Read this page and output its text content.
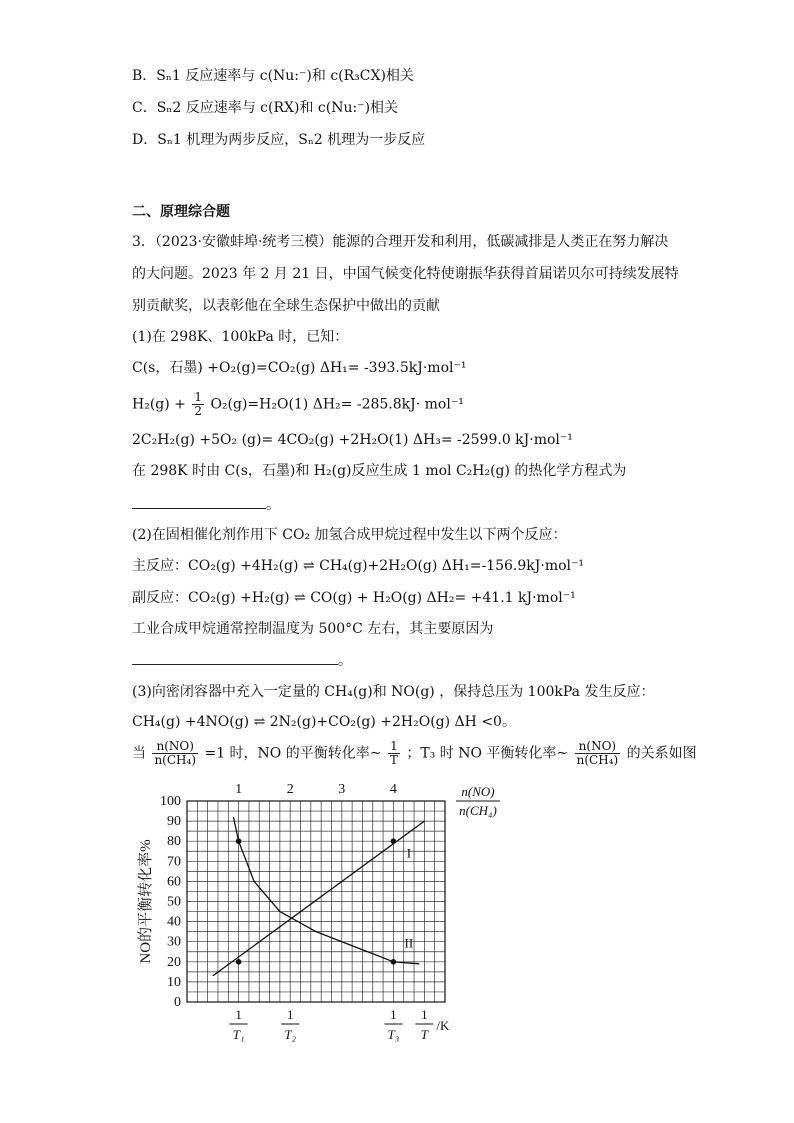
B．Sₙ1 反应速率与 c(Nu:⁻)和 c(R₃CX)相关
C．Sₙ2 反应速率与 c(RX)和 c(Nu:⁻)相关
D．Sₙ1 机理为两步反应，Sₙ2 机理为一步反应
二、原理综合题
3．（2023·安徽蚌埠·统考三模）能源的合理开发和利用，低碳减排是人类正在努力解决
的大问题。2023 年 2 月 21 日，中国气候变化特使谢振华获得首届诺贝尔可持续发展特
别贡献奖，以表彰他在全球生态保护中做出的贡献
(1)在 298K、100kPa 时，已知：
C(s，石墨) +O₂(g)=CO₂(g) ΔH₁= -393.5kJ·mol⁻¹
$H_2(g) + \frac{1}{2} O_2(g)=H_2O(1)$ ΔH₂= -285.8kJ· mol⁻¹
2C₂H₂(g) +5O₂ (g)= 4CO₂(g) +2H₂O(1) ΔH₃= -2599.0 kJ·mol⁻¹
在 298K 时由 C(s，石墨)和 H₂(g)反应生成 1 mol C₂H₂(g) 的热化学方程式为
。
(2)在固相催化剂作用下 CO₂ 加氢合成甲烷过程中发生以下两个反应：
主反应：CO₂(g) +4H₂(g) ⇌ CH₄(g)+2H₂O(g) ΔH₁=-156.9kJ·mol⁻¹
副反应：CO₂(g) +H₂(g) ⇌ CO(g) + H₂O(g) ΔH₂= +41.1 kJ·mol⁻¹
工业合成甲烷通常控制温度为 500°C 左右，其主要原因为
。
(3)向密闭容器中充入一定量的 CH₄(g)和 NO(g) ，保持总压为 100kPa 发生反应：
CH₄(g) +4NO(g) ⇌ 2N₂(g)+CO₂(g) +2H₂O(g) ΔH <0。
当 $\frac{n(NO)}{\text{n(CH₄)}} =1$ 时，NO 的平衡转化率~ $\frac{1}{T}$ ；T₃ 时 NO 平衡转化率~ $\frac{n(NO)}{\text{n(CH₄)}}$ 的关系如图
0
10
20
30
40
50
60
70
80
90
100
NO的平衡转化率%
1	2	3	4	n(NO)
n(CH₄)
1
T₁
1
T₂
1
T₃
1
T
/K
I
II
